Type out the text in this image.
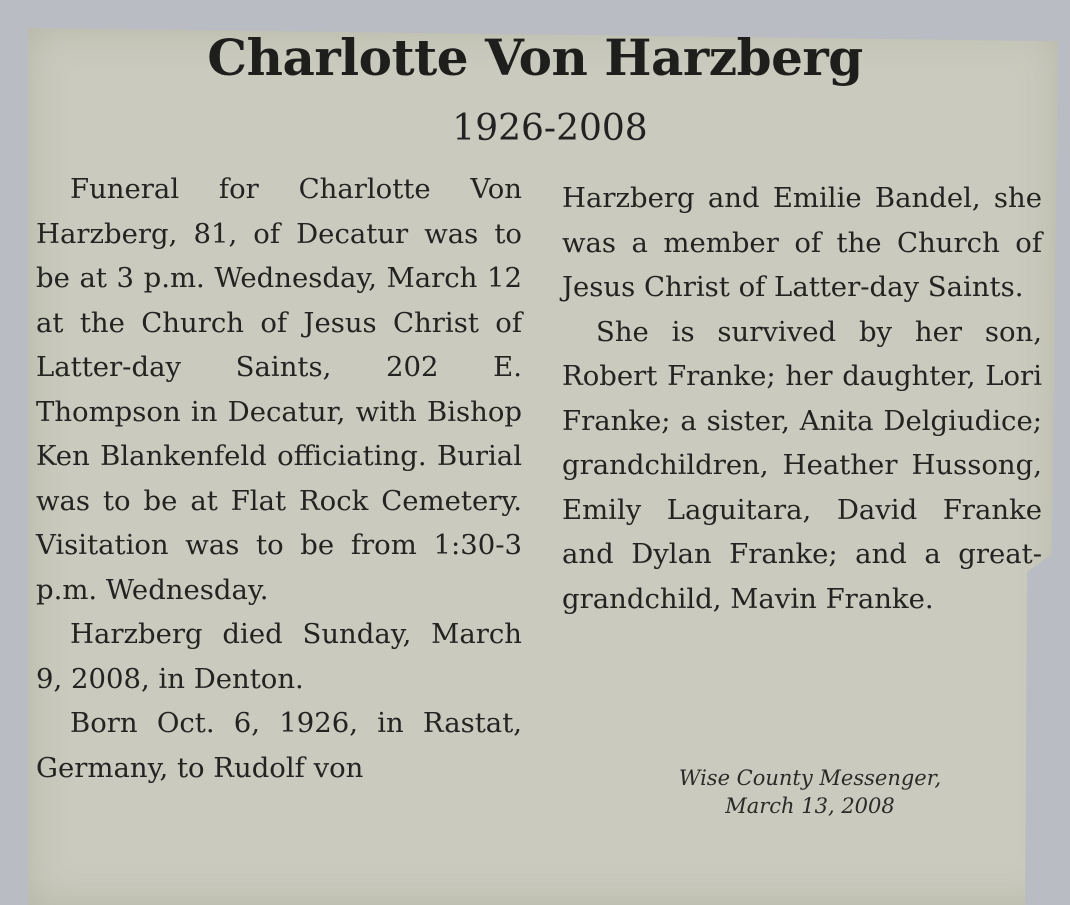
Charlotte Von Harzberg
1926-2008

Funeral for Charlotte Von Harzberg, 81, of Decatur was to be at 3 p.m. Wednesday, March 12 at the Church of Jesus Christ of Latter-day Saints, 202 E. Thompson in Decatur, with Bishop Ken Blankenfeld officiating. Burial was to be at Flat Rock Cemetery. Visitation was to be from 1:30-3 p.m. Wednesday.

Harzberg died Sunday, March 9, 2008, in Denton.

Born Oct. 6, 1926, in Rastat, Germany, to Rudolf von

Harzberg and Emilie Bandel, she was a member of the Church of Jesus Christ of Latter-day Saints.

She is survived by her son, Robert Franke; her daughter, Lori Franke; a sister, Anita Delgiudice; grandchildren, Heather Hussong, Emily Laguitara, David Franke and Dylan Franke; and a great-grandchild, Mavin Franke.

Wise County Messenger,
March 13, 2008
